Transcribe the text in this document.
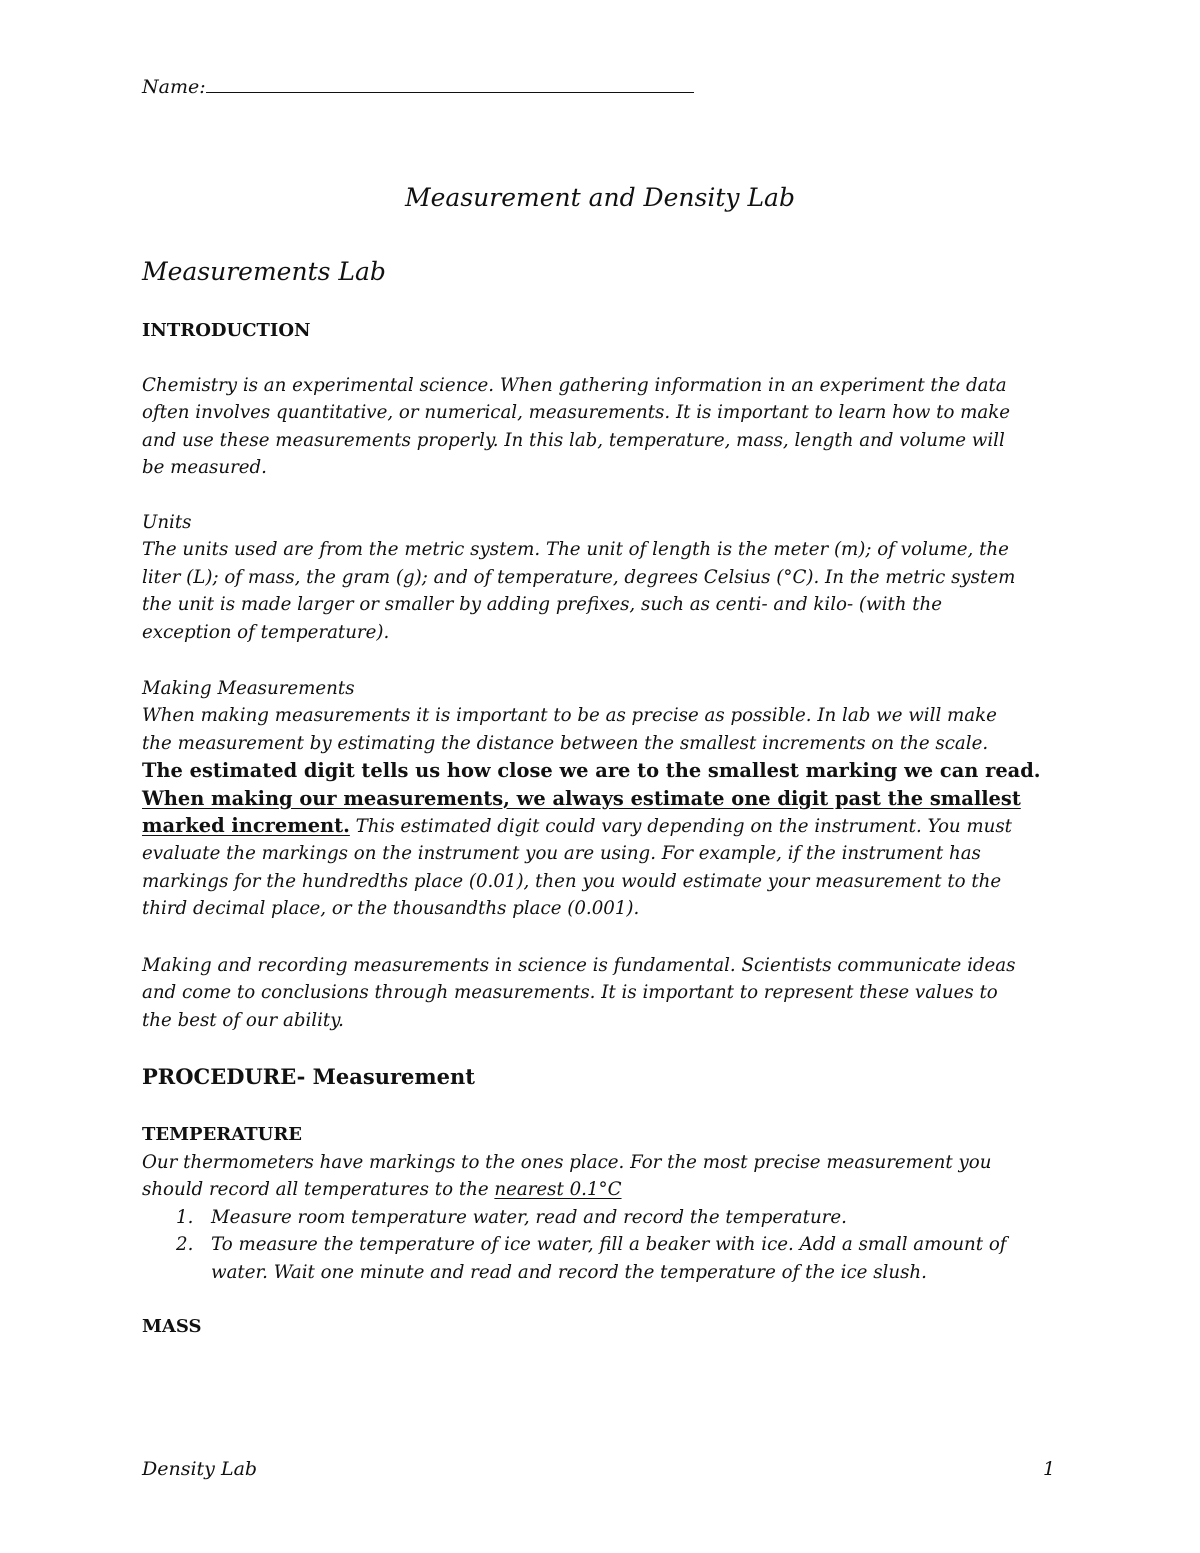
Name:
Measurement and Density Lab
Measurements Lab
INTRODUCTION
Chemistry is an experimental science. When gathering information in an experiment the data
often involves quantitative, or numerical, measurements. It is important to learn how to make
and use these measurements properly. In this lab, temperature, mass, length and volume will
be measured.
Units
The units used are from the metric system. The unit of length is the meter (m); of volume, the
liter (L); of mass, the gram (g); and of temperature, degrees Celsius (°C). In the metric system
the unit is made larger or smaller by adding prefixes, such as centi- and kilo- (with the
exception of temperature).
Making Measurements
When making measurements it is important to be as precise as possible. In lab we will make
the measurement by estimating the distance between the smallest increments on the scale.
The estimated digit tells us how close we are to the smallest marking we can read.
When making our measurements, we always estimate one digit past the smallest
marked increment. This estimated digit could vary depending on the instrument. You must
evaluate the markings on the instrument you are using. For example, if the instrument has
markings for the hundredths place (0.01), then you would estimate your measurement to the
third decimal place, or the thousandths place (0.001).
Making and recording measurements in science is fundamental. Scientists communicate ideas
and come to conclusions through measurements. It is important to represent these values to
the best of our ability.
PROCEDURE- Measurement
TEMPERATURE
Our thermometers have markings to the ones place. For the most precise measurement you
should record all temperatures to the nearest 0.1°C
1. Measure room temperature water, read and record the temperature.
2. To measure the temperature of ice water, fill a beaker with ice. Add a small amount of
water. Wait one minute and read and record the temperature of the ice slush.
MASS
Density Lab	1
